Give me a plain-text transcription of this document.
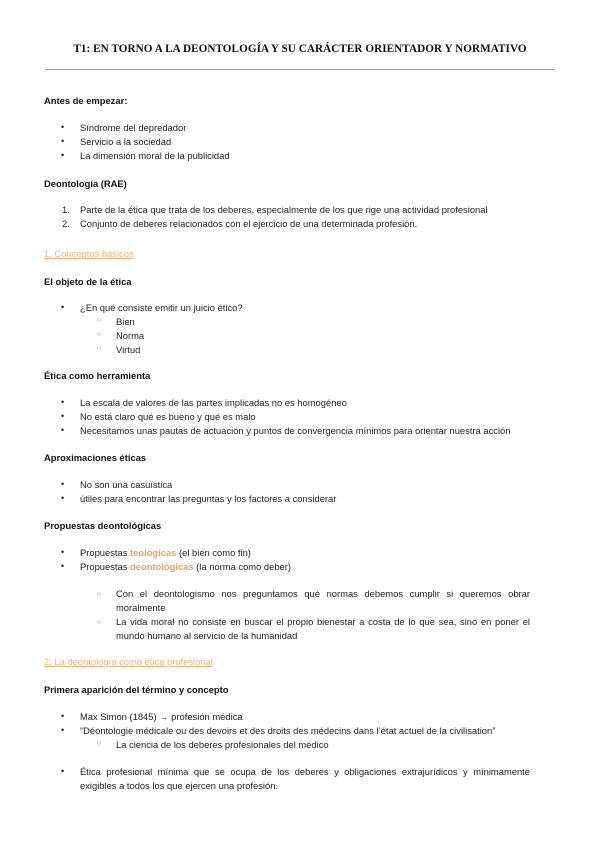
T1: EN TORNO A LA DEONTOLOGÍA Y SU CARÁCTER ORIENTADOR Y NORMATIVO
Antes de empezar:
• Síndrome del depredador
• Servicio a la sociedad
• La dimensión moral de la publicidad
Deontología (RAE)
1. Parte de la ética que trata de los deberes, especialmente de los que rige una actividad profesional
2. Conjunto de deberes relacionados con el ejercicio de una determinada profesión.
1. Conceptos básicos
El objeto de la ética
• ¿En qué consiste emitir un juicio ético?
○ Bien
○ Norma
○ Virtud
Ética como herramienta
• La escala de valores de las partes implicadas no es homogéneo
• No está claro qué es bueno y qué es malo
• Necesitamos unas pautas de actuación y puntos de convergencia mínimos para orientar nuestra acción
Aproximaciones éticas
• No son una casuística
• útiles para encontrar las preguntas y los factores a considerar
Propuestas deontológicas
• Propuestas teológicas (el bien como fin)
• Propuestas deontológicas (la norma como deber)
○ Con el deontologismo nos preguntamos qué normas debemos cumplir si queremos obrar moralmente
○ La vida moral no consiste en buscar el propio bienestar a costa de lo que sea, sino en poner el mundo humano al servicio de la humanidad
2. La deontología como ética profesional
Primera aparición del término y concepto
• Max Simon (1845) → profesión médica
• “Déontologie médicale ou des devoirs et des droits des médecins dans l’état actuel de la civilisation”
○ La ciencia de los deberes profesionales del médico
• Ética profesional mínima que se ocupa de los deberes y obligaciones extrajurídicos y mínimamente exigibles a todos los que ejercen una profesión.
